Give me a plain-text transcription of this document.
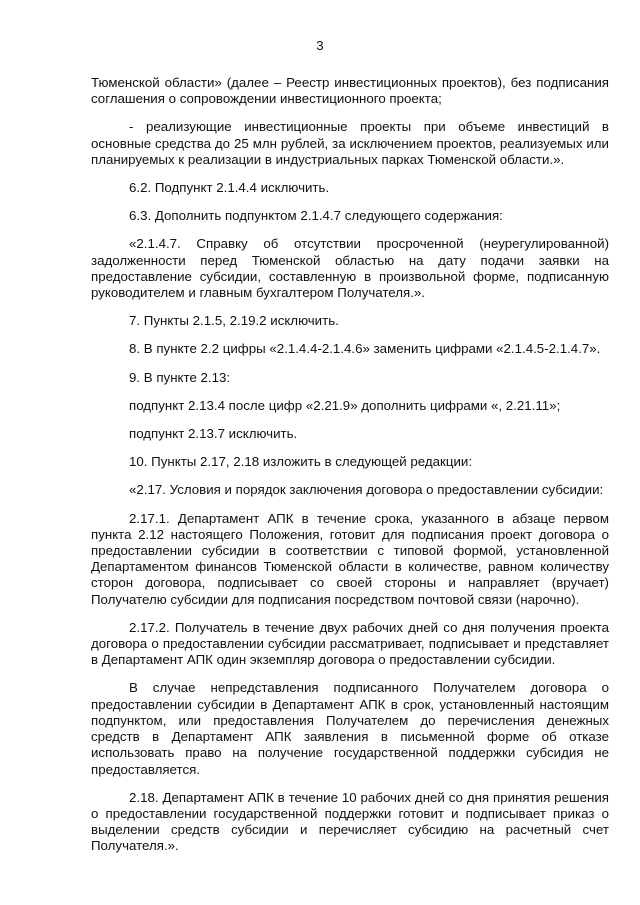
3

Тюменской области» (далее – Реестр инвестиционных проектов), без подписания соглашения о сопровождении инвестиционного проекта;

- реализующие инвестиционные проекты при объеме инвестиций в основные средства до 25 млн рублей, за исключением проектов, реализуемых или планируемых к реализации в индустриальных парках Тюменской области.».

6.2. Подпункт 2.1.4.4 исключить.

6.3. Дополнить подпунктом 2.1.4.7 следующего содержания:

«2.1.4.7. Справку об отсутствии просроченной (неурегулированной) задолженности перед Тюменской областью на дату подачи заявки на предоставление субсидии, составленную в произвольной форме, подписанную руководителем и главным бухгалтером Получателя.».

7. Пункты 2.1.5, 2.19.2 исключить.

8. В пункте 2.2 цифры «2.1.4.4-2.1.4.6» заменить цифрами «2.1.4.5-2.1.4.7».

9. В пункте 2.13:

подпункт 2.13.4 после цифр «2.21.9» дополнить цифрами «, 2.21.11»;

подпункт 2.13.7 исключить.

10. Пункты 2.17, 2.18 изложить в следующей редакции:

«2.17. Условия и порядок заключения договора о предоставлении субсидии:

2.17.1. Департамент АПК в течение срока, указанного в абзаце первом пункта 2.12 настоящего Положения, готовит для подписания проект договора о предоставлении субсидии в соответствии с типовой формой, установленной Департаментом финансов Тюменской области в количестве, равном количеству сторон договора, подписывает со своей стороны и направляет (вручает) Получателю субсидии для подписания посредством почтовой связи (нарочно).

2.17.2. Получатель в течение двух рабочих дней со дня получения проекта договора о предоставлении субсидии рассматривает, подписывает и представляет в Департамент АПК один экземпляр договора о предоставлении субсидии.

В случае непредставления подписанного Получателем договора о предоставлении субсидии в Департамент АПК в срок, установленный настоящим подпунктом, или предоставления Получателем до перечисления денежных средств в Департамент АПК заявления в письменной форме об отказе использовать право на получение государственной поддержки субсидия не предоставляется.

2.18. Департамент АПК в течение 10 рабочих дней со дня принятия решения о предоставлении государственной поддержки готовит и подписывает приказ о выделении средств субсидии и перечисляет субсидию на расчетный счет Получателя.».
